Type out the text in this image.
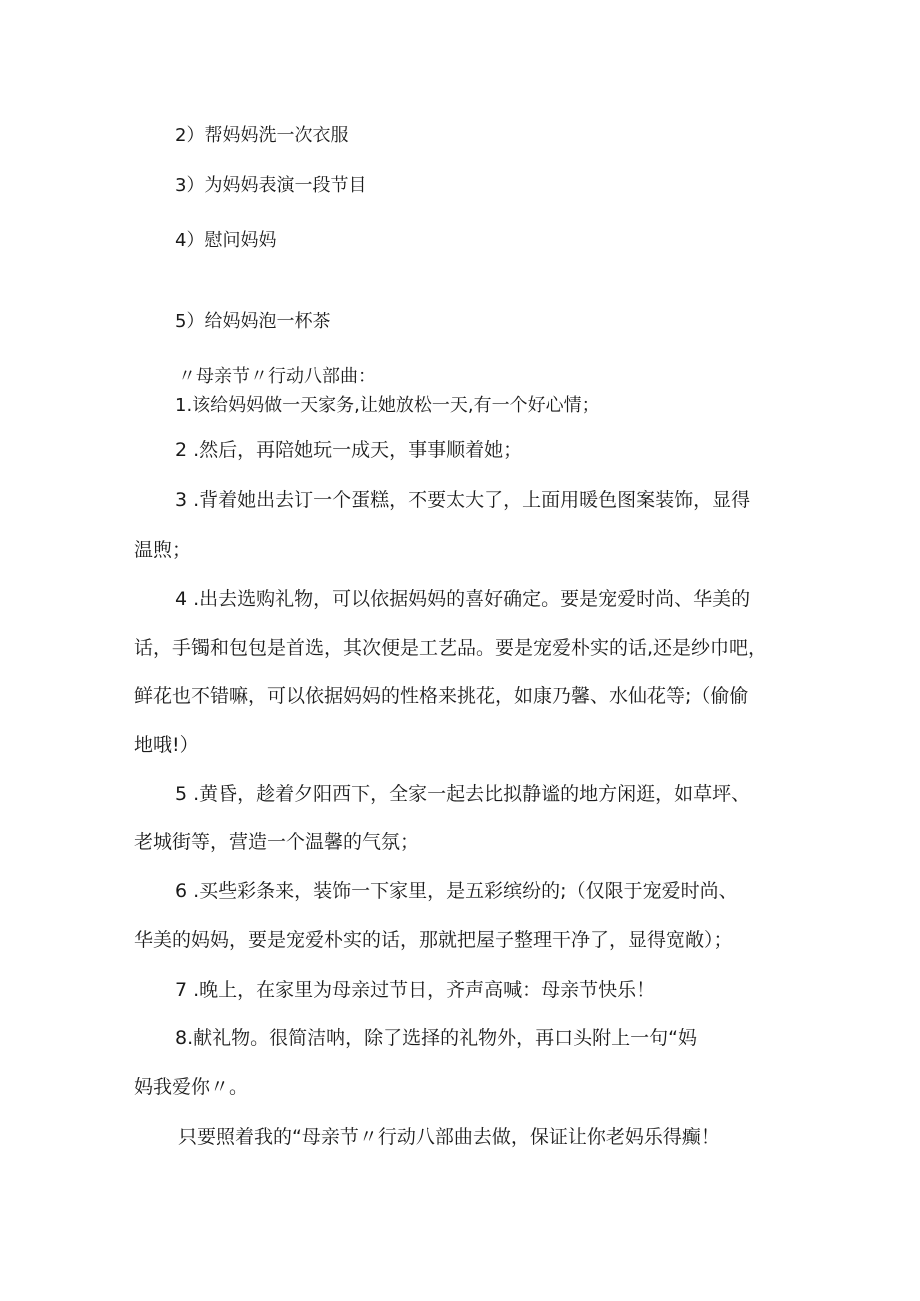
2）帮妈妈洗一次衣服

3）为妈妈表演一段节目

4）慰问妈妈

5）给妈妈泡一杯茶

〃母亲节〃行动八部曲：

1.该给妈妈做一天家务,让她放松一天,有一个好心情；

2 .然后，再陪她玩一成天，事事顺着她；

3 .背着她出去订一个蛋糕，不要太大了，上面用暖色图案装饰，显得

温煦；

4 .出去选购礼物，可以依据妈妈的喜好确定。要是宠爱时尚、华美的

话，手镯和包包是首选，其次便是工艺品。要是宠爱朴实的话,还是纱巾吧，

鲜花也不错嘛，可以依据妈妈的性格来挑花，如康乃馨、水仙花等;（偷偷

地哦!）

5 .黄昏，趁着夕阳西下，全家一起去比拟静谧的地方闲逛，如草坪、

老城街等，营造一个温馨的气氛；

6 .买些彩条来，装饰一下家里，是五彩缤纷的;（仅限于宠爱时尚、

华美的妈妈，要是宠爱朴实的话，那就把屋子整理干净了，显得宽敞）；

7 .晚上，在家里为母亲过节日，齐声高喊：母亲节快乐！

8.献礼物。很简洁呐，除了选择的礼物外，再口头附上一句“妈

妈我爱你〃。

只要照着我的“母亲节〃行动八部曲去做，保证让你老妈乐得癫！
